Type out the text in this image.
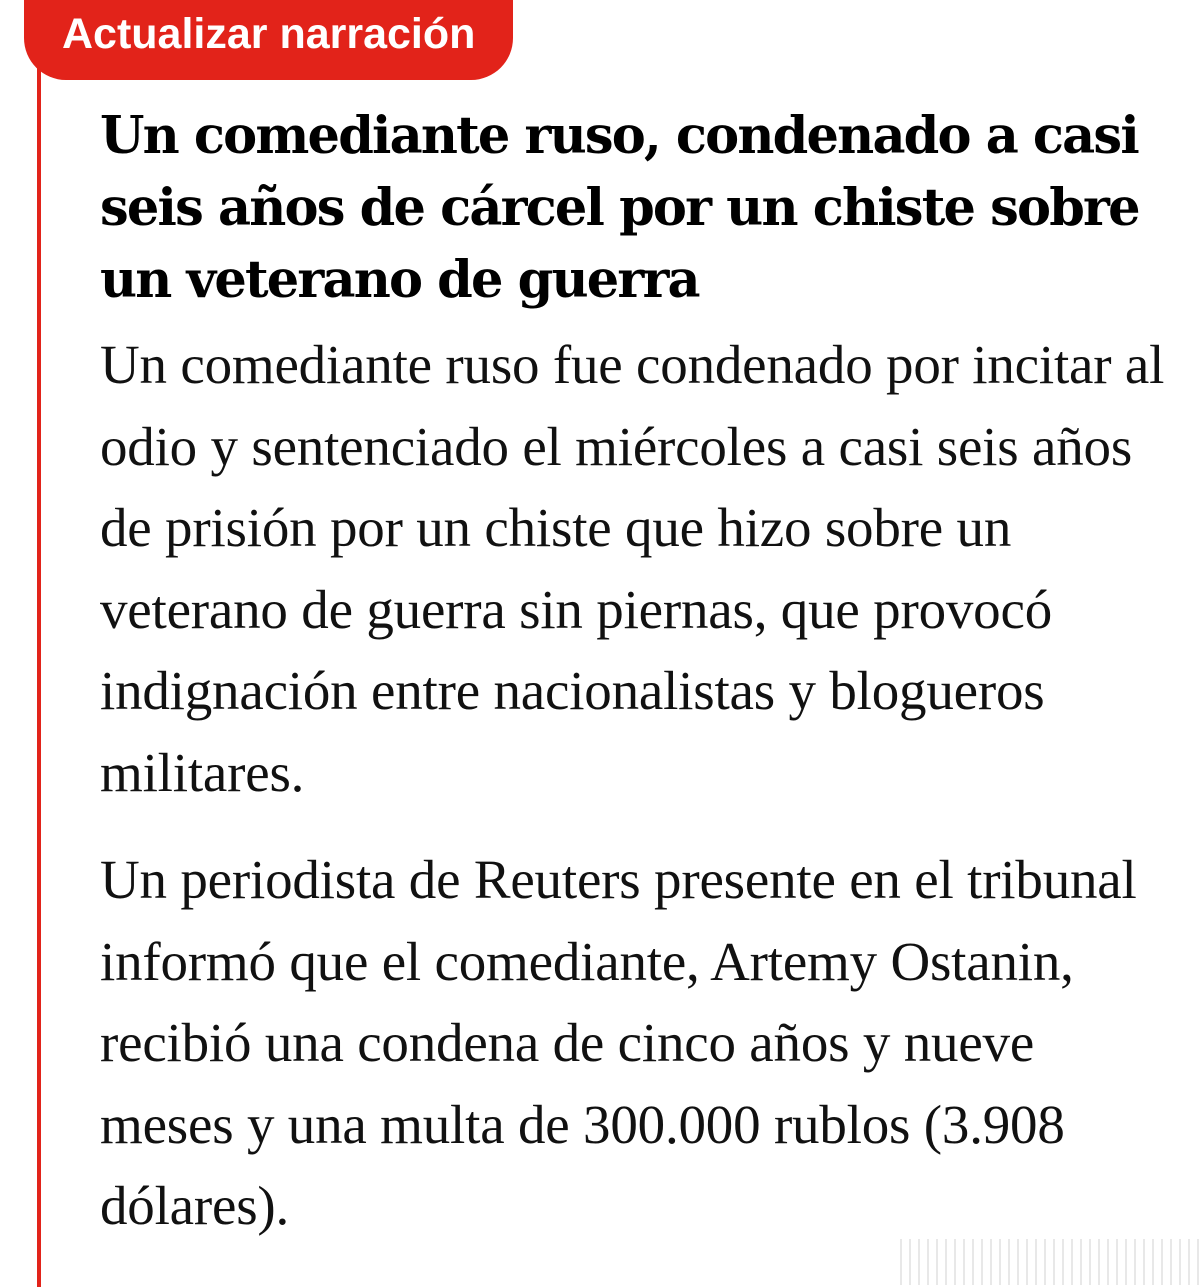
Actualizar narración
Un comediante ruso, condenado a casi seis años de cárcel por un chiste sobre un veterano de guerra

Un comediante ruso fue condenado por incitar al odio y sentenciado el miércoles a casi seis años de prisión por un chiste que hizo sobre un veterano de guerra sin piernas, que provocó indignación entre nacionalistas y blogueros militares.

Un periodista de Reuters presente en el tribunal informó que el comediante, Artemy Ostanin, recibió una condena de cinco años y nueve meses y una multa de 300.000 rublos (3.908 dólares).
